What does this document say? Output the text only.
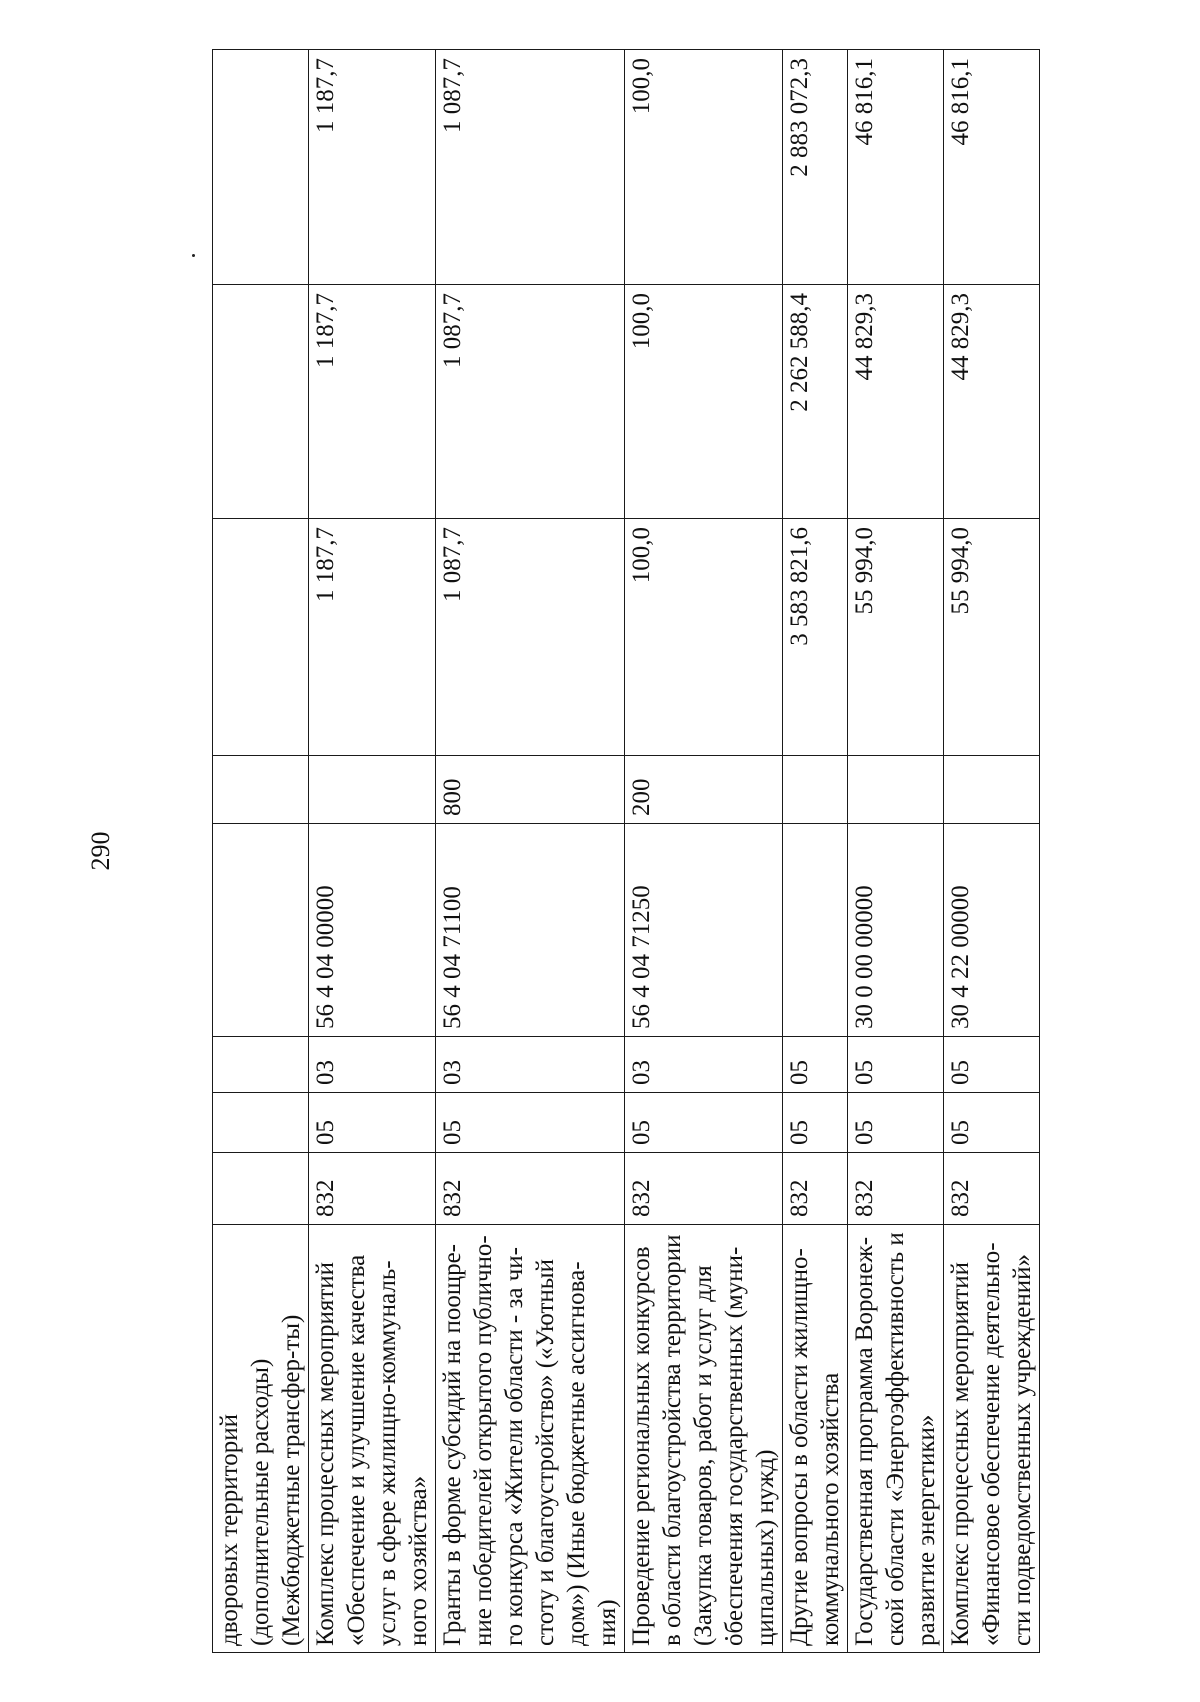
290
дворовых территорий (дополнительные расходы) (Межбюджетные трансфер-ты)								
Комплекс процессных мероприятий «Обеспечение и улучшение качества услуг в сфере жилищно-коммуналь-ного хозяйства»	832	05	03	56 4 04 00000		1 187,7	1 187,7	1 187,7
Гранты в форме субсидий на поощре-ние победителей открытого публично-го конкурса «Жители области - за чи-стоту и благоустройство» («Уютный дом») (Иные бюджетные ассигнова-ния)	832	05	03	56 4 04 71100	800	1 087,7	1 087,7	1 087,7
Проведение региональных конкурсов в области благоустройства территории (Закупка товаров, работ и услуг для обеспечения государственных (муни-ципальных) нужд)	832	05	03	56 4 04 71250	200	100,0	100,0	100,0
Другие вопросы в области жилищно-коммунального хозяйства	832	05	05			3 583 821,6	2 262 588,4	2 883 072,3
Государственная программа Воронеж-ской области «Энергоэффективность и развитие энергетики»	832	05	05	30 0 00 00000		55 994,0	44 829,3	46 816,1
Комплекс процессных мероприятий «Финансовое обеспечение деятельно-сти подведомственных учреждений»	832	05	05	30 4 22 00000		55 994,0	44 829,3	46 816,1
